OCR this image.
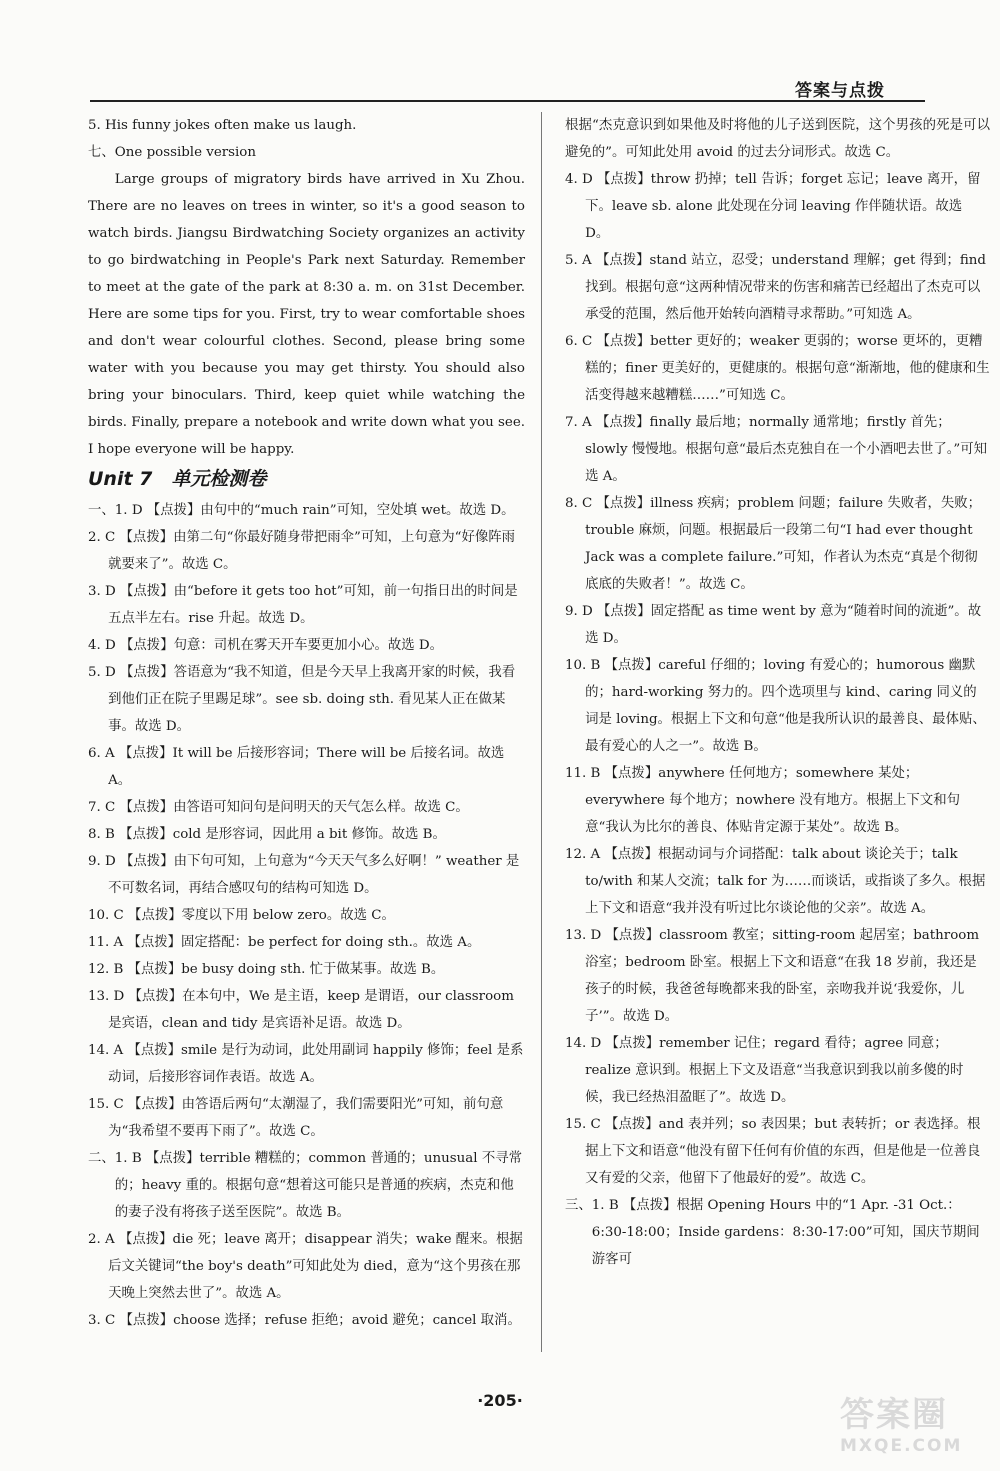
答案与点拨
5. His funny jokes often make us laugh.
七、One possible version
Large groups of migratory birds have arrived in Xu Zhou. There are no leaves on trees in winter, so it's a good season to watch birds. Jiangsu Birdwatching Society organizes an activity to go birdwatching in People's Park next Saturday. Remember to meet at the gate of the park at 8:30 a. m. on 31st December. Here are some tips for you. First, try to wear comfortable shoes and don't wear colourful clothes. Second, please bring some water with you because you may get thirsty. You should also bring your binoculars. Third, keep quiet while watching the birds. Finally, prepare a notebook and write down what you see. I hope everyone will be happy.
Unit 7　单元检测卷
一、1. D 【点拨】由句中的“much rain”可知，空处填 wet。故选 D。
2. C 【点拨】由第二句“你最好随身带把雨伞”可知，上句意为“好像阵雨就要来了”。故选 C。
3. D 【点拨】由“before it gets too hot”可知，前一句指日出的时间是五点半左右。rise 升起。故选 D。
4. D 【点拨】句意：司机在雾天开车要更加小心。故选 D。
5. D 【点拨】答语意为“我不知道，但是今天早上我离开家的时候，我看到他们正在院子里踢足球”。see sb. doing sth. 看见某人正在做某事。故选 D。
6. A 【点拨】It will be 后接形容词；There will be 后接名词。故选 A。
7. C 【点拨】由答语可知问句是问明天的天气怎么样。故选 C。
8. B 【点拨】cold 是形容词，因此用 a bit 修饰。故选 B。
9. D 【点拨】由下句可知，上句意为“今天天气多么好啊！” weather 是不可数名词，再结合感叹句的结构可知选 D。
10. C 【点拨】零度以下用 below zero。故选 C。
11. A 【点拨】固定搭配：be perfect for doing sth.。故选 A。
12. B 【点拨】be busy doing sth. 忙于做某事。故选 B。
13. D 【点拨】在本句中，We 是主语，keep 是谓语，our classroom 是宾语，clean and tidy 是宾语补足语。故选 D。
14. A 【点拨】smile 是行为动词，此处用副词 happily 修饰；feel 是系动词，后接形容词作表语。故选 A。
15. C 【点拨】由答语后两句“太潮湿了，我们需要阳光”可知，前句意为“我希望不要再下雨了”。故选 C。
二、1. B 【点拨】terrible 糟糕的；common 普通的；unusual 不寻常的；heavy 重的。根据句意“想着这可能只是普通的疾病，杰克和他的妻子没有将孩子送至医院”。故选 B。
2. A 【点拨】die 死；leave 离开；disappear 消失；wake 醒来。根据后文关键词“the boy's death”可知此处为 died，意为“这个男孩在那天晚上突然去世了”。故选 A。
3. C 【点拨】choose 选择；refuse 拒绝；avoid 避免；cancel 取消。
根据“杰克意识到如果他及时将他的儿子送到医院，这个男孩的死是可以避免的”。可知此处用 avoid 的过去分词形式。故选 C。
4. D 【点拨】throw 扔掉；tell 告诉；forget 忘记；leave 离开，留下。leave sb. alone 此处现在分词 leaving 作伴随状语。故选 D。
5. A 【点拨】stand 站立，忍受；understand 理解；get 得到；find 找到。根据句意“这两种情况带来的伤害和痛苦已经超出了杰克可以承受的范围，然后他开始转向酒精寻求帮助。”可知选 A。
6. C 【点拨】better 更好的；weaker 更弱的；worse 更坏的，更糟糕的；finer 更美好的，更健康的。根据句意“渐渐地，他的健康和生活变得越来越糟糕……”可知选 C。
7. A 【点拨】finally 最后地；normally 通常地；firstly 首先；slowly 慢慢地。根据句意“最后杰克独自在一个小酒吧去世了。”可知选 A。
8. C 【点拨】illness 疾病；problem 问题；failure 失败者，失败；trouble 麻烦，问题。根据最后一段第二句“I had ever thought Jack was a complete failure.”可知，作者认为杰克“真是个彻彻底底的失败者！”。故选 C。
9. D 【点拨】固定搭配 as time went by 意为“随着时间的流逝”。故选 D。
10. B 【点拨】careful 仔细的；loving 有爱心的；humorous 幽默的；hard-working 努力的。四个选项里与 kind、caring 同义的词是 loving。根据上下文和句意“他是我所认识的最善良、最体贴、最有爱心的人之一”。故选 B。
11. B 【点拨】anywhere 任何地方；somewhere 某处；everywhere 每个地方；nowhere 没有地方。根据上下文和句意“我认为比尔的善良、体贴肯定源于某处”。故选 B。
12. A 【点拨】根据动词与介词搭配：talk about 谈论关于；talk to/with 和某人交流；talk for 为……而谈话，或指谈了多久。根据上下文和语意“我并没有听过比尔谈论他的父亲”。故选 A。
13. D 【点拨】classroom 教室；sitting-room 起居室；bathroom 浴室；bedroom 卧室。根据上下文和语意“在我 18 岁前，我还是孩子的时候，我爸爸每晚都来我的卧室，亲吻我并说‘我爱你，儿子’”。故选 D。
14. D 【点拨】remember 记住；regard 看待；agree 同意；realize 意识到。根据上下文及语意“当我意识到我以前多傻的时候，我已经热泪盈眶了”。故选 D。
15. C 【点拨】and 表并列；so 表因果；but 表转折；or 表选择。根据上下文和语意“他没有留下任何有价值的东西，但是他是一位善良又有爱的父亲，他留下了他最好的爱”。故选 C。
三、1. B 【点拨】根据 Opening Hours 中的“1 Apr. -31 Oct.：6:30-18:00；Inside gardens：8:30-17:00”可知，国庆节期间游客可
·205·	答案圈
MXQE.COM
